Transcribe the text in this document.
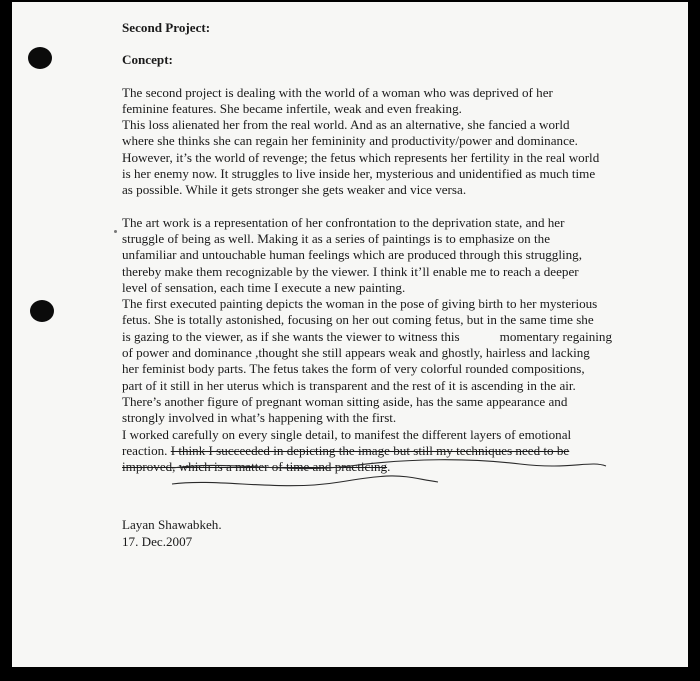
Second Project:
Concept:
The second project is dealing with the world of a woman who was deprived of her
feminine features. She became infertile, weak and even freaking.
This loss alienated her from the real world. And as an alternative, she fancied a world
where she thinks she can regain her femininity and productivity/power and dominance.
However, it’s the world of revenge; the fetus which represents her fertility in the real world
is her enemy now. It struggles to live inside her, mysterious and unidentified as much time
as possible. While it gets stronger she gets weaker and vice versa.
The art work is a representation of her confrontation to the deprivation state, and her
struggle of being as well. Making it as a series of paintings is to emphasize on the
unfamiliar and untouchable human feelings which are produced through this struggling,
thereby make them recognizable by the viewer. I think it’ll enable me to reach a deeper
level of sensation, each time I execute a new painting.
The first executed painting depicts the woman in the pose of giving birth to her mysterious
fetus. She is totally astonished, focusing on her out coming fetus, but in the same time she
is gazing to the viewer, as if she wants the viewer to witness this	momentary regaining
of power and dominance ,thought she still appears weak and ghostly, hairless and lacking
her feminist body parts. The fetus takes the form of very colorful rounded compositions,
part of it still in her uterus which is transparent and the rest of it is ascending in the air.
There’s another figure of pregnant woman sitting aside, has the same appearance and
strongly involved in what’s happening with the first.
I worked carefully on every single detail, to manifest the different layers of emotional
reaction. I think I succeeded in depicting the image but still my techniques need to be
improved, which is a matter of time and practicing.
Layan Shawabkeh.
17. Dec.2007
